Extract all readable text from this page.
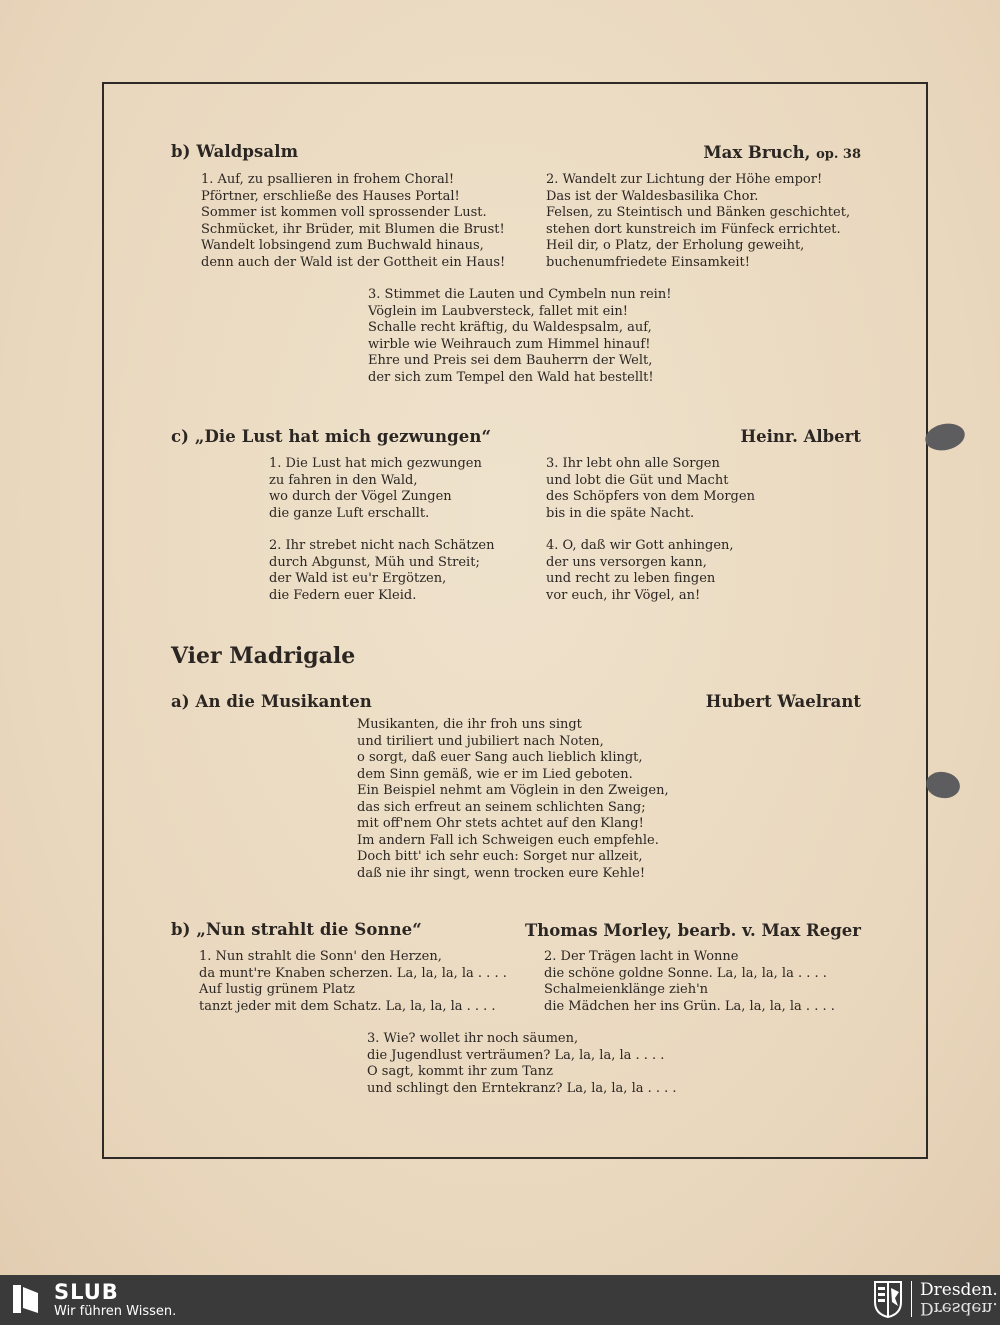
b) Waldpsalm	Max Bruch, op. 38
1. Auf, zu psallieren in frohem Choral!
Pförtner, erschließe des Hauses Portal!
Sommer ist kommen voll sprossender Lust.
Schmücket, ihr Brüder, mit Blumen die Brust!
Wandelt lobsingend zum Buchwald hinaus,
denn auch der Wald ist der Gottheit ein Haus!
2. Wandelt zur Lichtung der Höhe empor!
Das ist der Waldesbasilika Chor.
Felsen, zu Steintisch und Bänken geschichtet,
stehen dort kunstreich im Fünfeck errichtet.
Heil dir, o Platz, der Erholung geweiht,
buchenumfriedete Einsamkeit!
3. Stimmet die Lauten und Cymbeln nun rein!
Vöglein im Laubversteck, fallet mit ein!
Schalle recht kräftig, du Waldespsalm, auf,
wirble wie Weihrauch zum Himmel hinauf!
Ehre und Preis sei dem Bauherrn der Welt,
der sich zum Tempel den Wald hat bestellt!
c) „Die Lust hat mich gezwungen“	Heinr. Albert
1. Die Lust hat mich gezwungen
zu fahren in den Wald,
wo durch der Vögel Zungen
die ganze Luft erschallt.
3. Ihr lebt ohn alle Sorgen
und lobt die Güt und Macht
des Schöpfers von dem Morgen
bis in die späte Nacht.
2. Ihr strebet nicht nach Schätzen
durch Abgunst, Müh und Streit;
der Wald ist eu'r Ergötzen,
die Federn euer Kleid.
4. O, daß wir Gott anhingen,
der uns versorgen kann,
und recht zu leben fingen
vor euch, ihr Vögel, an!
Vier Madrigale
a) An die Musikanten	Hubert Waelrant
Musikanten, die ihr froh uns singt
und tiriliert und jubiliert nach Noten,
o sorgt, daß euer Sang auch lieblich klingt,
dem Sinn gemäß, wie er im Lied geboten.
Ein Beispiel nehmt am Vöglein in den Zweigen,
das sich erfreut an seinem schlichten Sang;
mit off'nem Ohr stets achtet auf den Klang!
Im andern Fall ich Schweigen euch empfehle.
Doch bitt' ich sehr euch: Sorget nur allzeit,
daß nie ihr singt, wenn trocken eure Kehle!
b) „Nun strahlt die Sonne“	Thomas Morley, bearb. v. Max Reger
1. Nun strahlt die Sonn' den Herzen,
da munt're Knaben scherzen. La, la, la, la . . . .
Auf lustig grünem Platz
tanzt jeder mit dem Schatz. La, la, la, la . . . .
2. Der Trägen lacht in Wonne
die schöne goldne Sonne. La, la, la, la . . . .
Schalmeienklänge zieh'n
die Mädchen her ins Grün. La, la, la, la . . . .
3. Wie? wollet ihr noch säumen,
die Jugendlust verträumen? La, la, la, la . . . .
O sagt, kommt ihr zum Tanz
und schlingt den Erntekranz? La, la, la, la . . . .
SLUB
Wir führen Wissen.
Dresden.
Dresden.
